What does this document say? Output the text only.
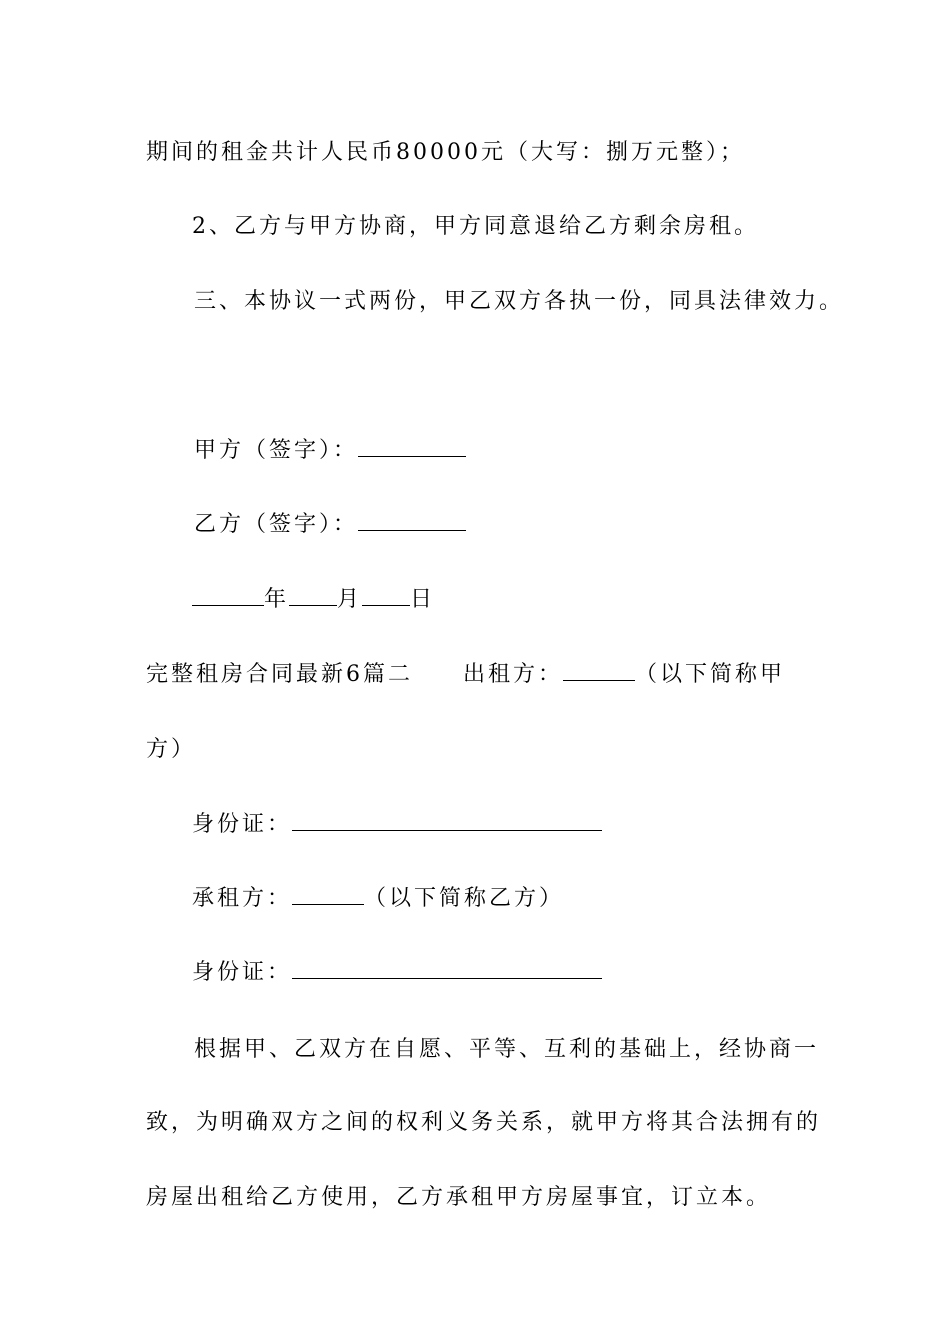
期间的租金共计人民币80000元（大写：捌万元整）；
2、乙方与甲方协商，甲方同意退给乙方剩余房租。
三、本协议一式两份，甲乙双方各执一份，同具法律效力。
甲方（签字）：
乙方（签字）：
年 月 日
完整租房合同最新6篇二 出租方：	（以下简称甲
方）
身份证：
承租方：	（以下简称乙方）
身份证：
根据甲、乙双方在自愿、平等、互利的基础上，经协商一
致，为明确双方之间的权利义务关系，就甲方将其合法拥有的
房屋出租给乙方使用，乙方承租甲方房屋事宜，订立本。
